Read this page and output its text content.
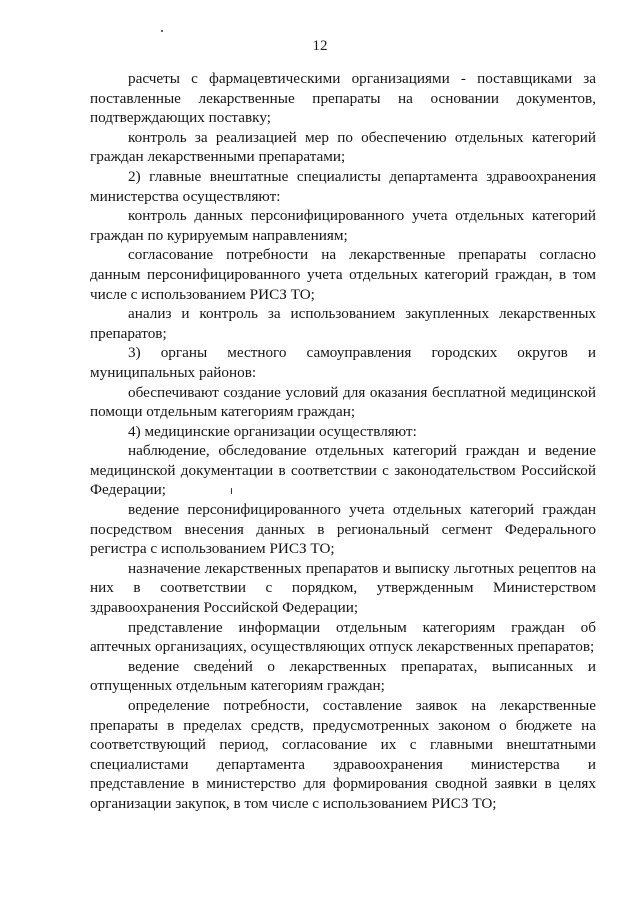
12

расчеты с фармацевтическими организациями - поставщиками за поставленные лекарственные препараты на основании документов, подтверждающих поставку;

контроль за реализацией мер по обеспечению отдельных категорий граждан лекарственными препаратами;

2) главные внештатные специалисты департамента здравоохранения министерства осуществляют:

контроль данных персонифицированного учета отдельных категорий граждан по курируемым направлениям;

согласование потребности на лекарственные препараты согласно данным персонифицированного учета отдельных категорий граждан, в том числе с использованием РИСЗ ТО;

анализ и контроль за использованием закупленных лекарственных препаратов;

3) органы местного самоуправления городских округов и муниципальных районов:

обеспечивают создание условий для оказания бесплатной медицинской помощи отдельным категориям граждан;

4) медицинские организации осуществляют:

наблюдение, обследование отдельных категорий граждан и ведение медицинской документации в соответствии с законодательством Российской Федерации;

ведение персонифицированного учета отдельных категорий граждан посредством внесения данных в региональный сегмент Федерального регистра с использованием РИСЗ ТО;

назначение лекарственных препаратов и выписку льготных рецептов на них в соответствии с порядком, утвержденным Министерством здравоохранения Российской Федерации;

представление информации отдельным категориям граждан об аптечных организациях, осуществляющих отпуск лекарственных препаратов;

ведение сведений о лекарственных препаратах, выписанных и отпущенных отдельным категориям граждан;

определение потребности, составление заявок на лекарственные препараты в пределах средств, предусмотренных законом о бюджете на соответствующий период, согласование их с главными внештатными специалистами департамента здравоохранения министерства и представление в министерство для формирования сводной заявки в целях организации закупок, в том числе с использованием РИСЗ ТО;
